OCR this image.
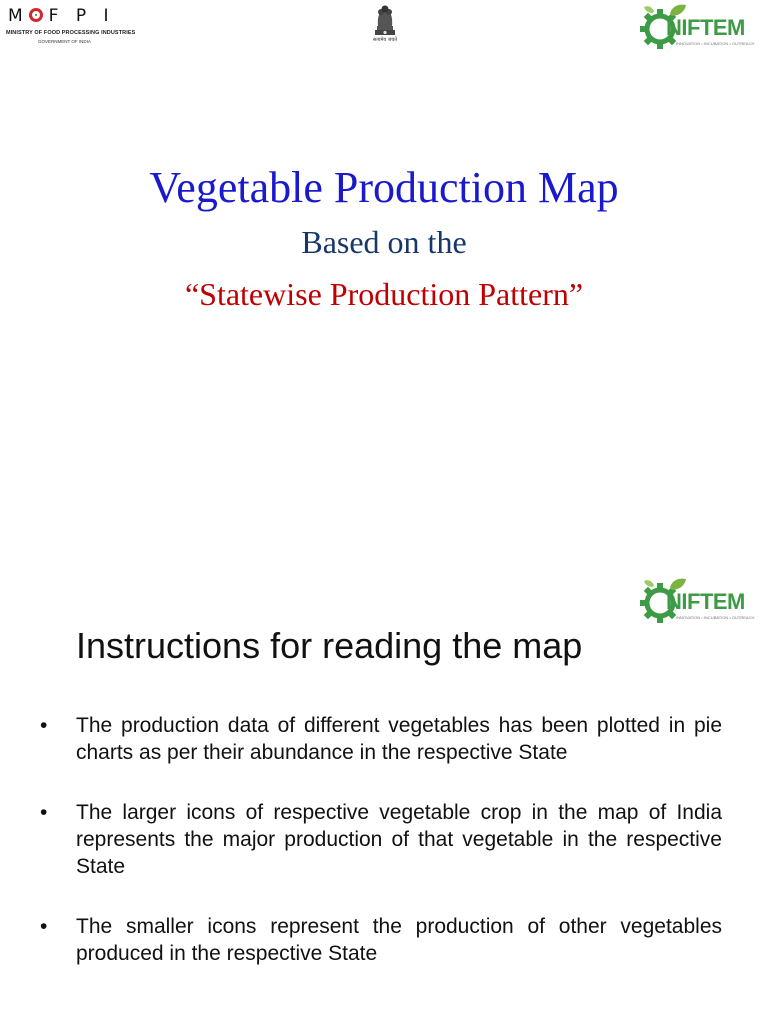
M F P I
MINISTRY OF FOOD PROCESSING INDUSTRIES
GOVERNMENT OF INDIA	सत्यमेव जयते	NIFTEM
INNOVATION • INCUBATION • OUTREACH
Vegetable Production Map
Based on the
“Statewise Production Pattern”
NIFTEM
INNOVATION • INCUBATION • OUTREACH
Instructions for reading the map
• The production data of different vegetables has been plotted in pie charts as per their abundance in the respective State
• The larger icons of respective vegetable crop in the map of India represents the major production of that vegetable in the respective State
• The smaller icons represent the production of other vegetables produced in the respective State
